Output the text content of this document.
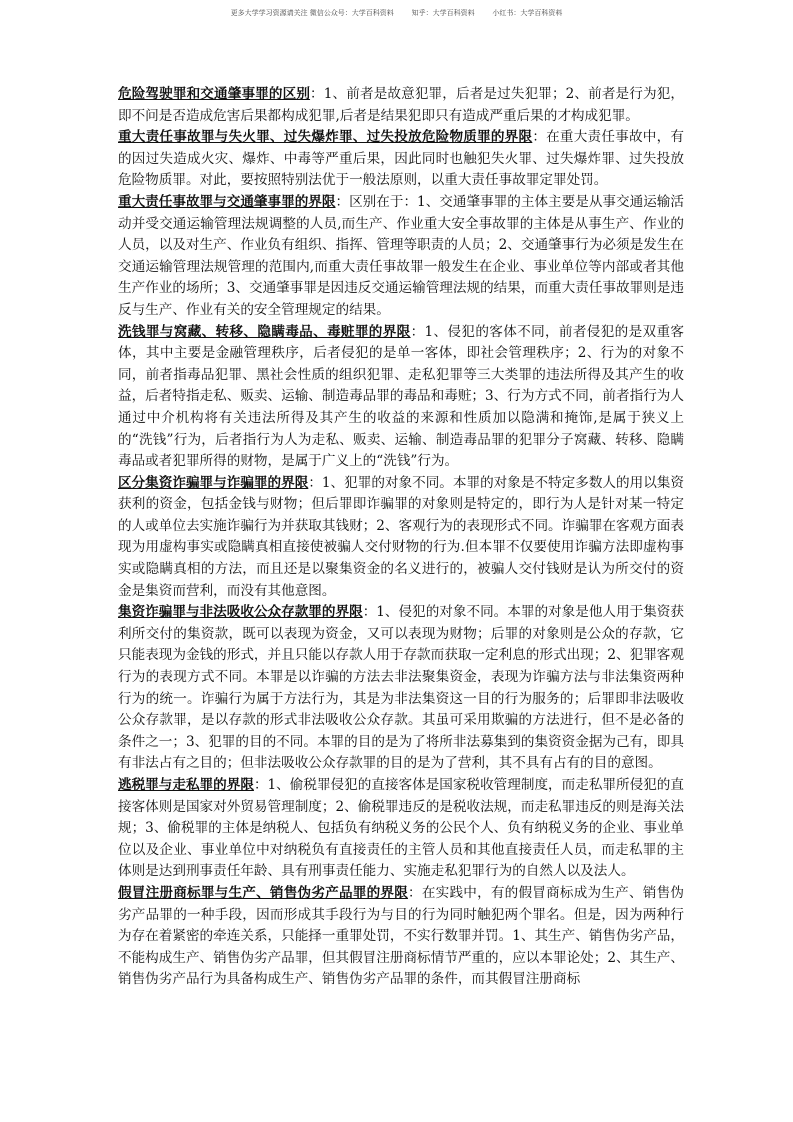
更多大学学习资源请关注 微信公众号：大学百科资料        知乎：大学百科资料        小红书：大学百科资料

危险驾驶罪和交通肇事罪的区别：1、前者是故意犯罪，后者是过失犯罪；2、前者是行为犯，即不问是否造成危害后果都构成犯罪,后者是结果犯即只有造成严重后果的才构成犯罪。

重大责任事故罪与失火罪、过失爆炸罪、过失投放危险物质罪的界限：在重大责任事故中，有的因过失造成火灾、爆炸、中毒等严重后果，因此同时也触犯失火罪、过失爆炸罪、过失投放危险物质罪。对此，要按照特别法优于一般法原则，以重大责任事故罪定罪处罚。

重大责任事故罪与交通肇事罪的界限：区别在于：1、交通肇事罪的主体主要是从事交通运输活动并受交通运输管理法规调整的人员,而生产、作业重大安全事故罪的主体是从事生产、作业的人员，以及对生产、作业负有组织、指挥、管理等职责的人员；2、交通肇事行为必须是发生在交通运输管理法规管理的范围内,而重大责任事故罪一般发生在企业、事业单位等内部或者其他生产作业的场所；3、交通肇事罪是因违反交通运输管理法规的结果，而重大责任事故罪则是违反与生产、作业有关的安全管理规定的结果。

洗钱罪与窝藏、转移、隐瞒毒品、毒赃罪的界限：1、侵犯的客体不同，前者侵犯的是双重客体，其中主要是金融管理秩序，后者侵犯的是单一客体，即社会管理秩序；2、行为的对象不同，前者指毒品犯罪、黑社会性质的组织犯罪、走私犯罪等三大类罪的违法所得及其产生的收益，后者特指走私、贩卖、运输、制造毒品罪的毒品和毒赃；3、行为方式不同，前者指行为人通过中介机构将有关违法所得及其产生的收益的来源和性质加以隐满和掩饰,是属于狭义上的“洗钱”行为，后者指行为人为走私、贩卖、运输、制造毒品罪的犯罪分子窝藏、转移、隐瞒毒品或者犯罪所得的财物，是属于广义上的“洗钱”行为。

区分集资诈骗罪与诈骗罪的界限：1、犯罪的对象不同。本罪的对象是不特定多数人的用以集资获利的资金，包括金钱与财物；但后罪即诈骗罪的对象则是特定的，即行为人是针对某一特定的人或单位去实施诈骗行为并获取其钱财；2、客观行为的表现形式不同。诈骗罪在客观方面表现为用虚构事实或隐瞒真相直接使被骗人交付财物的行为.但本罪不仅要使用诈骗方法即虚构事实或隐瞒真相的方法，而且还是以聚集资金的名义进行的，被骗人交付钱财是认为所交付的资金是集资而营利，而没有其他意图。

集资诈骗罪与非法吸收公众存款罪的界限：1、侵犯的对象不同。本罪的对象是他人用于集资获利所交付的集资款，既可以表现为资金，又可以表现为财物；后罪的对象则是公众的存款，它只能表现为金钱的形式，并且只能以存款人用于存款而获取一定利息的形式出现；2、犯罪客观行为的表现方式不同。本罪是以诈骗的方法去非法聚集资金，表现为诈骗方法与非法集资两种行为的统一。诈骗行为属于方法行为，其是为非法集资这一目的行为服务的；后罪即非法吸收公众存款罪，是以存款的形式非法吸收公众存款。其虽可采用欺骗的方法进行，但不是必备的条件之一；3、犯罪的目的不同。本罪的目的是为了将所非法募集到的集资资金据为己有，即具有非法占有之目的；但非法吸收公众存款罪的目的是为了营利，其不具有占有的目的意图。

逃税罪与走私罪的界限：1、偷税罪侵犯的直接客体是国家税收管理制度，而走私罪所侵犯的直接客体则是国家对外贸易管理制度；2、偷税罪违反的是税收法规，而走私罪违反的则是海关法规；3、偷税罪的主体是纳税人、包括负有纳税义务的公民个人、负有纳税义务的企业、事业单位以及企业、事业单位中对纳税负有直接责任的主管人员和其他直接责任人员，而走私罪的主体则是达到刑事责任年龄、具有刑事责任能力、实施走私犯罪行为的自然人以及法人。

假冒注册商标罪与生产、销售伪劣产品罪的界限：在实践中，有的假冒商标成为生产、销售伪劣产品罪的一种手段，因而形成其手段行为与目的行为同时触犯两个罪名。但是，因为两种行为存在着紧密的牵连关系，只能择一重罪处罚，不实行数罪并罚。1、其生产、销售伪劣产品，不能构成生产、销售伪劣产品罪，但其假冒注册商标情节严重的，应以本罪论处；2、其生产、销售伪劣产品行为具备构成生产、销售伪劣产品罪的条件，而其假冒注册商标
